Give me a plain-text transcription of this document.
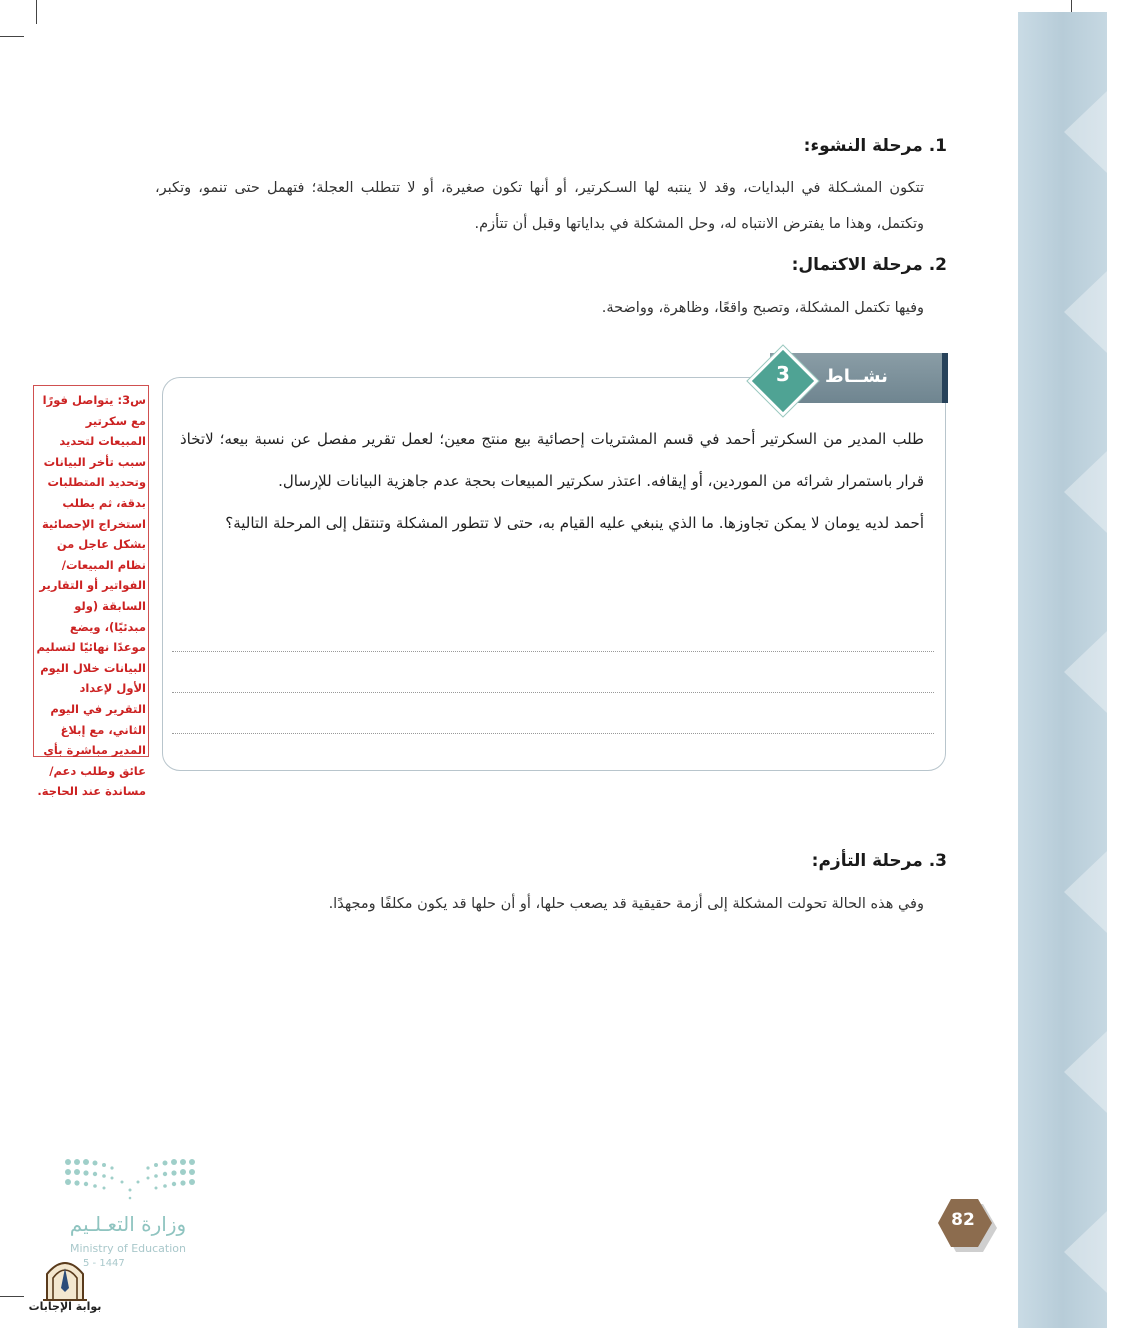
1. مرحلة النشوء:
تتكون المشـكلة في البدايات، وقد لا ينتبه لها السـكرتير، أو أنها تكون صغيرة، أو لا تتطلب العجلة؛ فتهمل حتى تنمو، وتكبر، وتكتمل، وهذا ما يفترض الانتباه له، وحل المشكلة في بداياتها وقبل أن تتأزم.
2. مرحلة الاكتمال:
وفيها تكتمل المشكلة، وتصبح واقعًا، وظاهرة، وواضحة.
نشــاط
3
طلب المدير من السكرتير أحمد في قسم المشتريات إحصائية بيع منتج معين؛ لعمل تقرير مفصل عن نسبة بيعه؛ لاتخاذ قرار باستمرار شرائه من الموردين، أو إيقافه. اعتذر سكرتير المبيعات بحجة عدم جاهزية البيانات للإرسال.
أحمد لديه يومان لا يمكن تجاوزها. ما الذي ينبغي عليه القيام به، حتى لا تتطور المشكلة وتنتقل إلى المرحلة التالية؟
س3: يتواصل فورًا مع سكرتير المبيعات لتحديد سبب تأخر البيانات وتحديد المتطلبات بدقة، ثم يطلب استخراج الإحصائية بشكل عاجل من نظام المبيعات/ الفواتير أو التقارير السابقة (ولو مبدئيًا)، ويضع موعدًا نهائيًا لتسليم البيانات خلال اليوم الأول لإعداد التقرير في اليوم الثاني، مع إبلاغ المدير مباشرة بأي عائق وطلب دعم/ مساندة عند الحاجة.
3. مرحلة التأزم:
وفي هذه الحالة تحولت المشكلة إلى أزمة حقيقية قد يصعب حلها، أو أن حلها قد يكون مكلفًا ومجهدًا.
82
وزارة التعـلـيم
Ministry of Education
5 - 1447
بوابة الإجابات
